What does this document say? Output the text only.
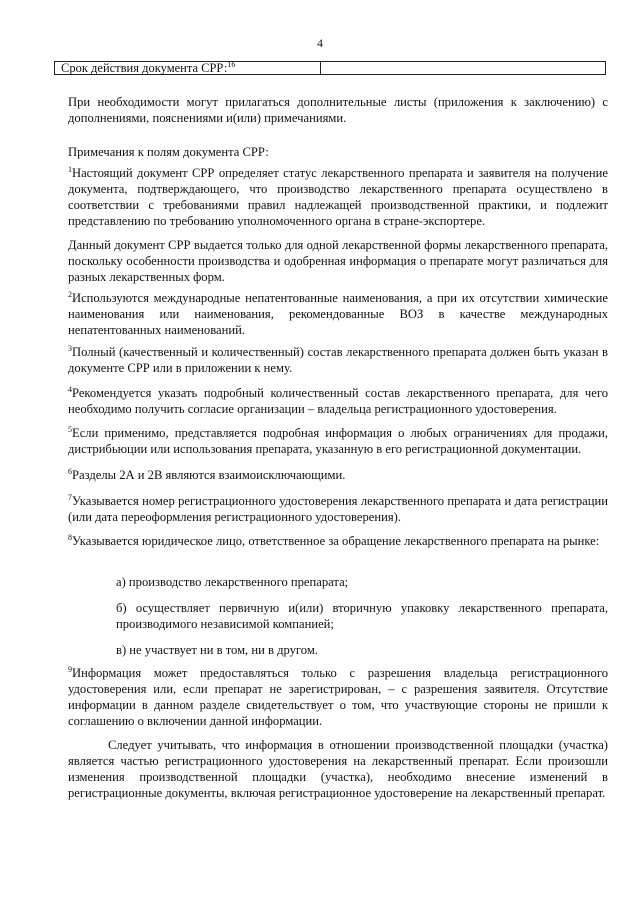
4
Срок действия документа СРР:$^{16}$
При необходимости могут прилагаться дополнительные листы (приложения к заключению) с дополнениями, пояснениями и(или) примечаниями.
Примечания к полям документа СРР:
$^1$Настоящий документ СРР определяет статус лекарственного препарата и заявителя на получение документа, подтверждающего, что производство лекарственного препарата осуществлено в соответствии с требованиями правил надлежащей производственной практики, и подлежит представлению по требованию уполномоченного органа в стране-экспортере.
Данный документ СРР выдается только для одной лекарственной формы лекарственного препарата, поскольку особенности производства и одобренная информация о препарате могут различаться для разных лекарственных форм.
$^2$Используются международные непатентованные наименования, а при их отсутствии химические наименования или наименования, рекомендованные ВОЗ в качестве международных непатентованных наименований.
$^3$Полный (качественный и количественный) состав лекарственного препарата должен быть указан в документе СРР или в приложении к нему.
$^4$Рекомендуется указать подробный количественный состав лекарственного препарата, для чего необходимо получить согласие организации – владельца регистрационного удостоверения.
$^5$Если применимо, представляется подробная информация о любых ограничениях для продажи, дистрибьюции или использования препарата, указанную в его регистрационной документации.
$^6$Разделы 2А и 2В являются взаимоисключающими.
$^7$Указывается номер регистрационного удостоверения лекарственного препарата и дата регистрации (или дата переоформления регистрационного удостоверения).
$^8$Указывается юридическое лицо, ответственное за обращение лекарственного препарата на рынке:
а) производство лекарственного препарата;
б) осуществляет первичную и(или) вторичную упаковку лекарственного препарата, производимого независимой компанией;
в) не участвует ни в том, ни в другом.
$^9$Информация может предоставляться только с разрешения владельца регистрационного удостоверения или, если препарат не зарегистрирован, – с разрешения заявителя. Отсутствие информации в данном разделе свидетельствует о том, что участвующие стороны не пришли к соглашению о включении данной информации.
Следует учитывать, что информация в отношении производственной площадки (участка) является частью регистрационного удостоверения на лекарственный препарат. Если произошли изменения производственной площадки (участка), необходимо внесение изменений в регистрационные документы, включая регистрационное удостоверение на лекарственный препарат.
